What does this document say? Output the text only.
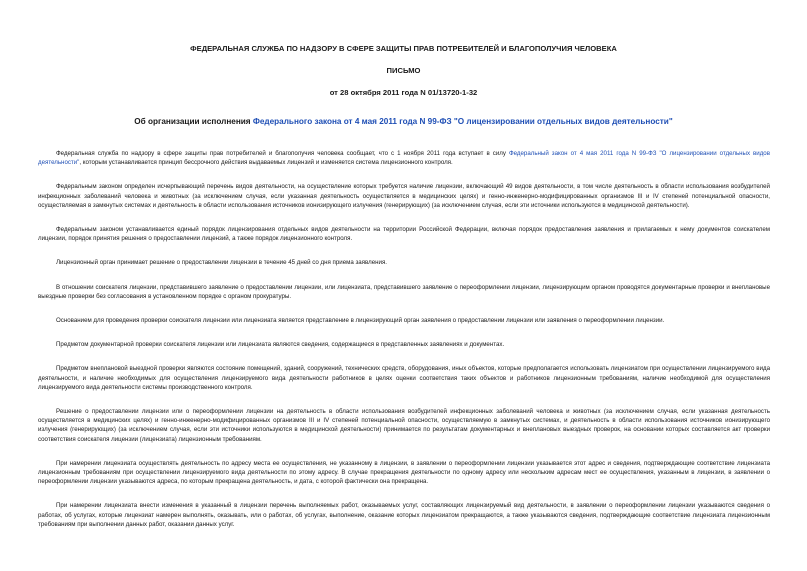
ФЕДЕРАЛЬНАЯ СЛУЖБА ПО НАДЗОРУ В СФЕРЕ ЗАЩИТЫ ПРАВ ПОТРЕБИТЕЛЕЙ И БЛАГОПОЛУЧИЯ ЧЕЛОВЕКА
ПИСЬМО
от 28 октября 2011 года N 01/13720-1-32
Об организации исполнения Федерального закона от 4 мая 2011 года N 99-ФЗ "О лицензировании отдельных видов деятельности"

Федеральная служба по надзору в сфере защиты прав потребителей и благополучия человека сообщает, что с 1 ноября 2011 года вступает в силу Федеральный закон от 4 мая 2011 года N 99-ФЗ "О лицензировании отдельных видов деятельности", которым устанавливается принцип бессрочного действия выдаваемых лицензий и изменяется система лицензионного контроля.

Федеральным законом определен исчерпывающий перечень видов деятельности, на осуществление которых требуется наличие лицензии, включающий 49 видов деятельности, в том числе деятельность в области использования возбудителей инфекционных заболеваний человека и животных (за исключением случая, если указанная деятельность осуществляется в медицинских целях) и генно-инженерно-модифицированных организмов III и IV степеней потенциальной опасности, осуществляемая в замкнутых системах и деятельность в области использования источников ионизирующего излучения (генерирующих) (за исключением случая, если эти источники используются в медицинской деятельности).

Федеральным законом устанавливается единый порядок лицензирования отдельных видов деятельности на территории Российской Федерации, включая порядок предоставления заявления и прилагаемых к нему документов соискателем лицензии, порядок принятия решения о предоставлении лицензий, а также порядок лицензионного контроля.

Лицензионный орган принимает решение о предоставлении лицензии в течение 45 дней со дня приема заявления.

В отношении соискателя лицензии, представившего заявление о предоставлении лицензии, или лицензиата, представившего заявление о переоформлении лицензии, лицензирующим органом проводятся документарные проверки и внеплановые выездные проверки без согласования в установленном порядке с органом прокуратуры.

Основанием для проведения проверки соискателя лицензии или лицензиата является представление в лицензирующий орган заявления о предоставлении лицензии или заявления о переоформлении лицензии.

Предметом документарной проверки соискателя лицензии или лицензиата являются сведения, содержащиеся в представленных заявлениях и документах.

Предметом внеплановой выездной проверки являются состояние помещений, зданий, сооружений, технических средств, оборудования, иных объектов, которые предполагается использовать лицензиатом при осуществлении лицензируемого вида деятельности, и наличие необходимых для осуществления лицензируемого вида деятельности работников в целях оценки соответствия таких объектов и работников лицензионным требованиям, наличие необходимой для осуществления лицензируемого вида деятельности системы производственного контроля.

Решение о предоставлении лицензии или о переоформлении лицензии на деятельность в области использования возбудителей инфекционных заболеваний человека и животных (за исключением случая, если указанная деятельность осуществляется в медицинских целях) и генно-инженерно-модифицированных организмов III и IV степеней потенциальной опасности, осуществляемую в замкнутых системах, и деятельность в области использования источников ионизирующего излучения (генерирующих) (за исключением случая, если эти источники используются в медицинской деятельности) принимается по результатам документарных и внеплановых выездных проверок, на основании которых составляется акт проверки соответствия соискателя лицензии (лицензиата) лицензионным требованиям.

При намерении лицензиата осуществлять деятельность по адресу места ее осуществления, не указанному в лицензии, в заявлении о переоформлении лицензии указывается этот адрес и сведения, подтверждающие соответствие лицензиата лицензионным требованиям при осуществлении лицензируемого вида деятельности по этому адресу. В случае прекращения деятельности по одному адресу или нескольким адресам мест ее осуществления, указанным в лицензии, в заявлении о переоформлении лицензии указываются адреса, по которым прекращена деятельность, и дата, с которой фактически она прекращена.

При намерении лицензиата внести изменения в указанный в лицензии перечень выполняемых работ, оказываемых услуг, составляющих лицензируемый вид деятельности, в заявлении о переоформлении лицензии указываются сведения о работах, об услугах, которые лицензиат намерен выполнять, оказывать, или о работах, об услугах, выполнение, оказание которых лицензиатом прекращаются, а также указываются сведения, подтверждающие соответствие лицензиата лицензионным требованиям при выполнении данных работ, оказании данных услуг.
